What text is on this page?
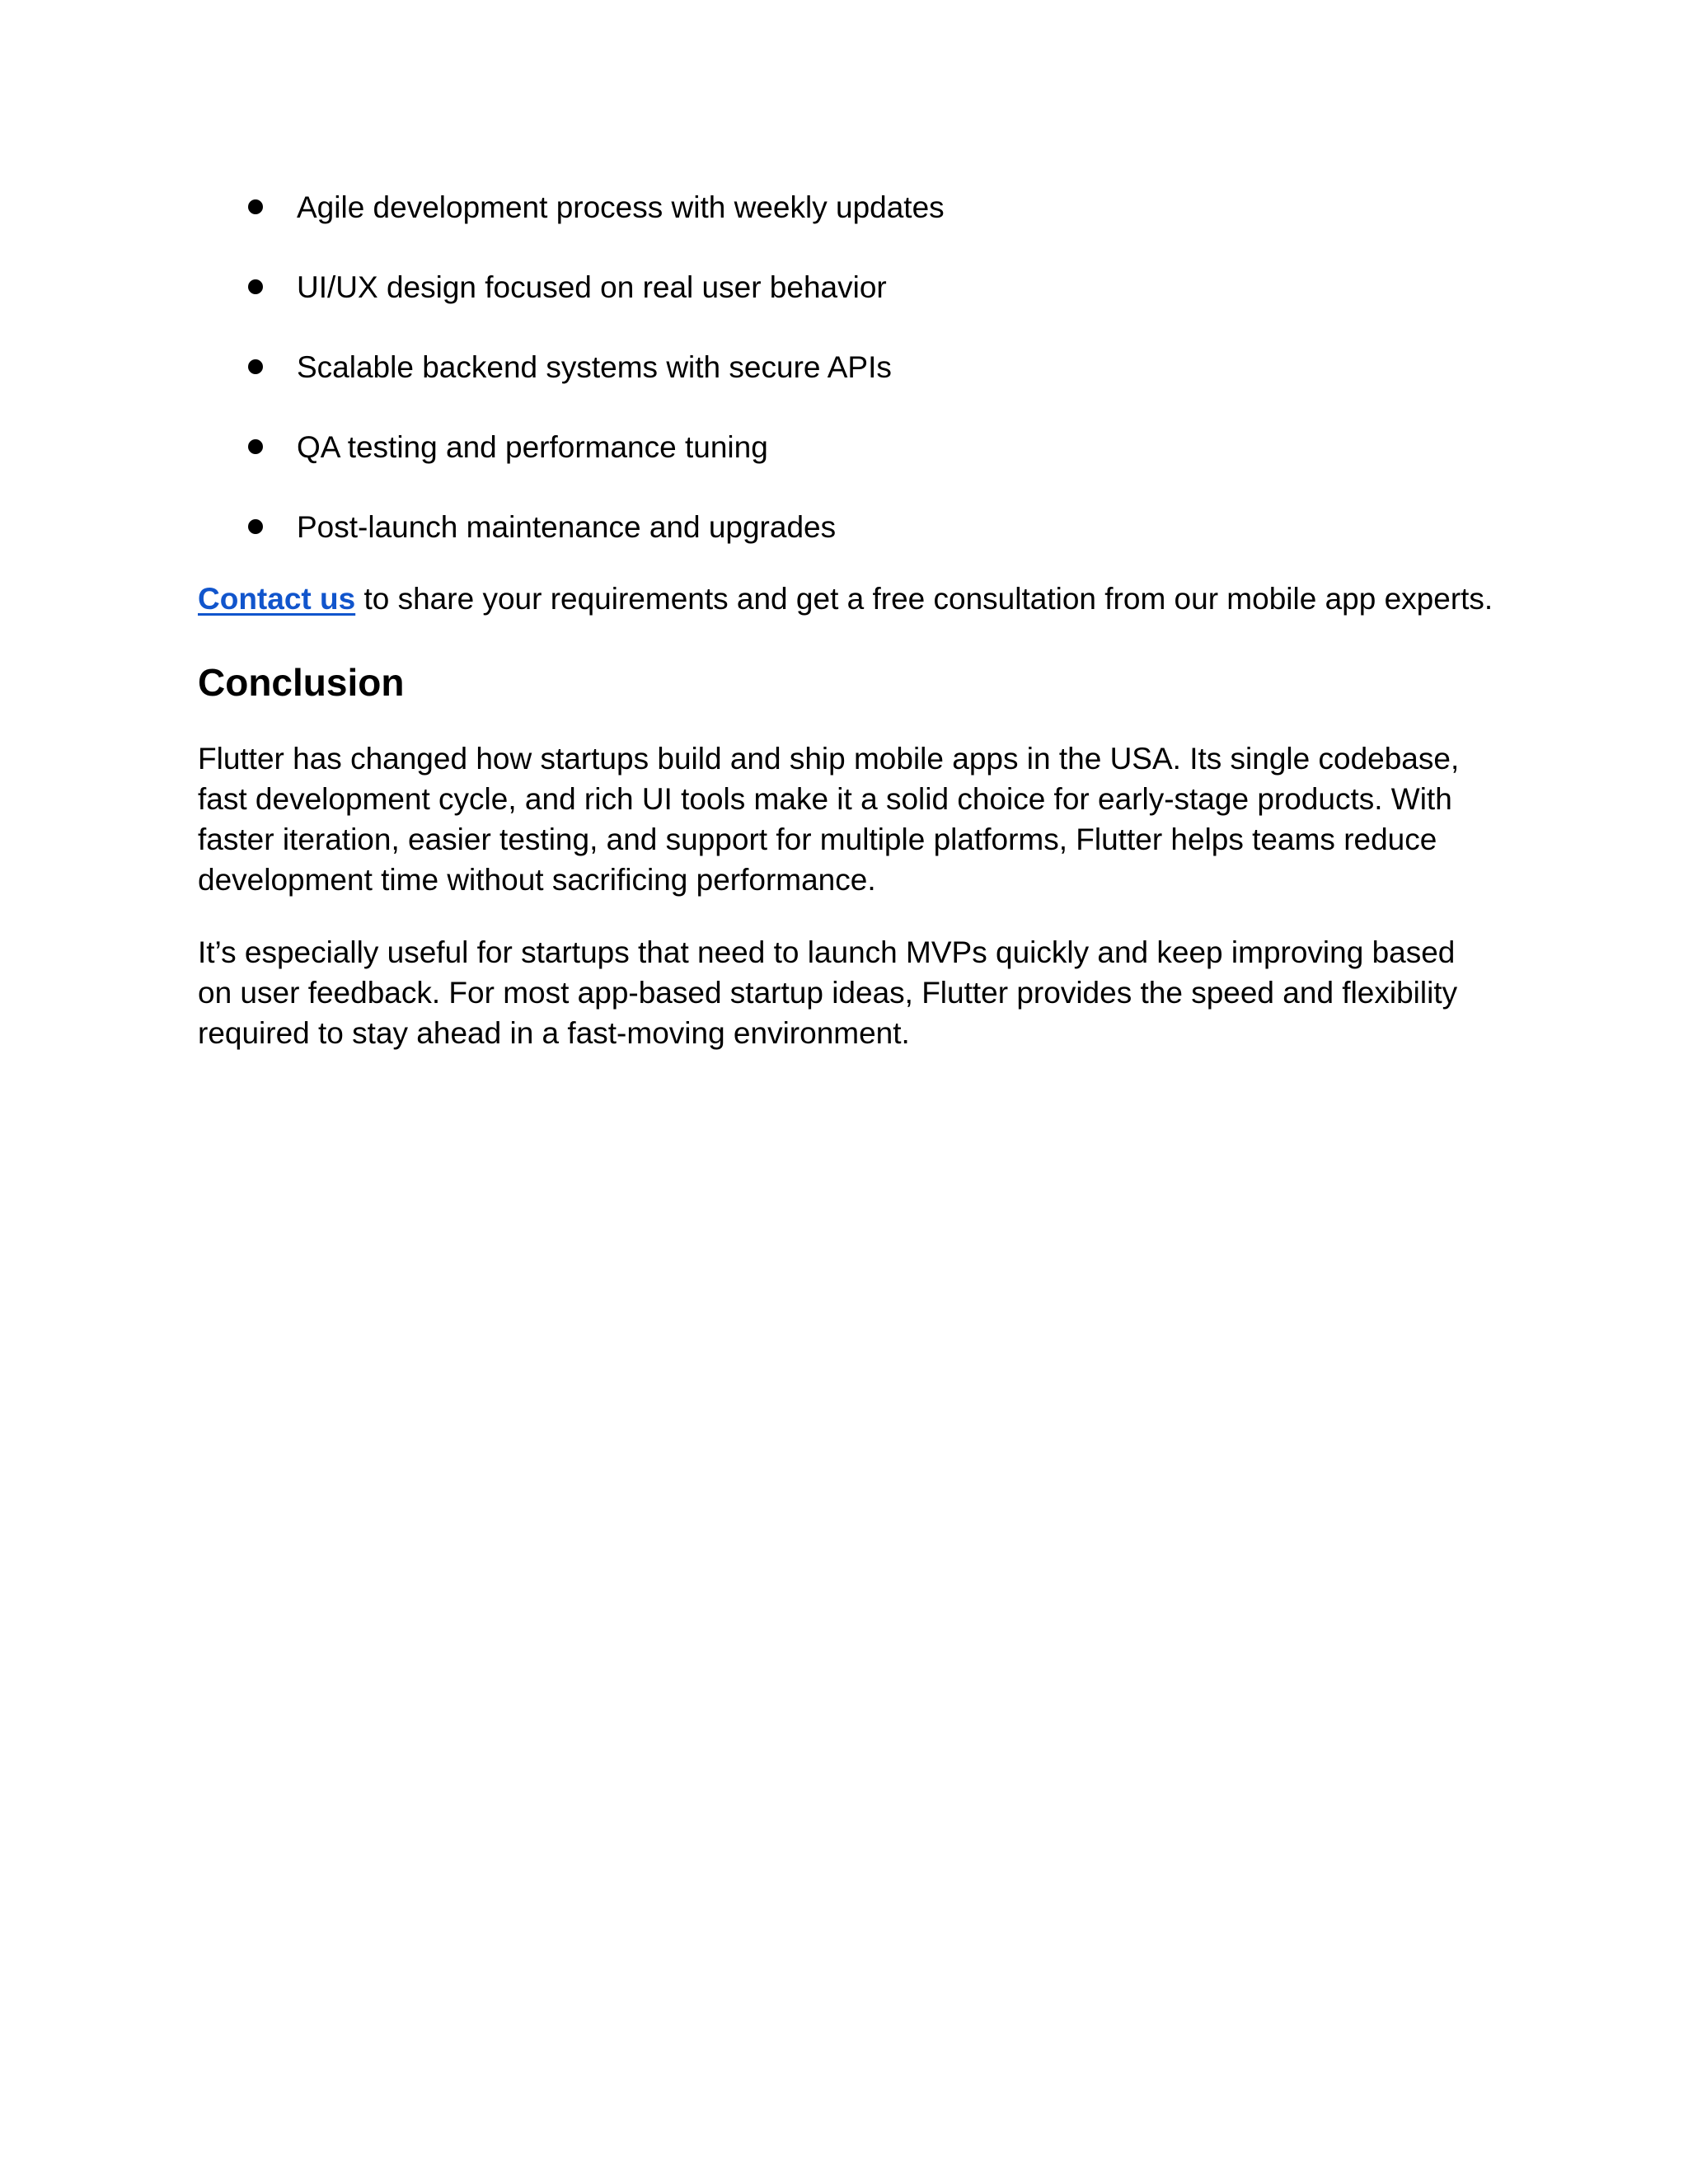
Agile development process with weekly updates
UI/UX design focused on real user behavior
Scalable backend systems with secure APIs
QA testing and performance tuning
Post-launch maintenance and upgrades

Contact us to share your requirements and get a free consultation from our mobile app experts.

Conclusion

Flutter has changed how startups build and ship mobile apps in the USA. Its single codebase,
fast development cycle, and rich UI tools make it a solid choice for early-stage products. With
faster iteration, easier testing, and support for multiple platforms, Flutter helps teams reduce
development time without sacrificing performance.

It’s especially useful for startups that need to launch MVPs quickly and keep improving based
on user feedback. For most app-based startup ideas, Flutter provides the speed and flexibility
required to stay ahead in a fast-moving environment.
